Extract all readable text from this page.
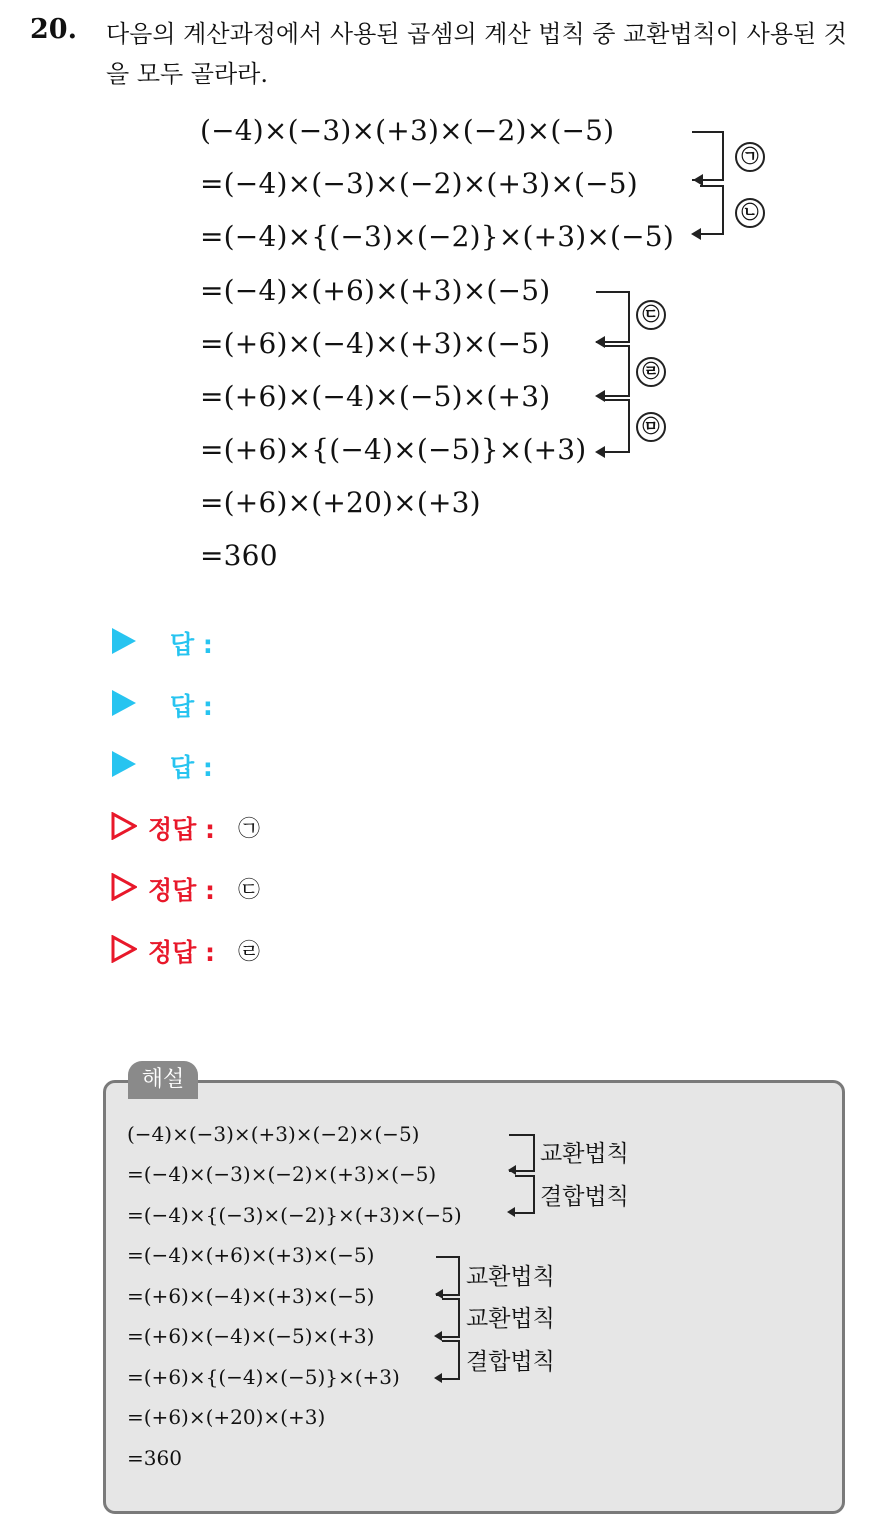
20. 다음의 계산과정에서 사용된 곱셈의 계산 법칙 중 교환법칙이 사용된 것을 모두 골라라.
(−4)×(−3)×(+3)×(−2)×(−5)
=(−4)×(−3)×(−2)×(+3)×(−5)
=(−4)×{(−3)×(−2)}×(+3)×(−5)
=(−4)×(+6)×(+3)×(−5)
=(+6)×(−4)×(+3)×(−5)
=(+6)×(−4)×(−5)×(+3)
=(+6)×{(−4)×(−5)}×(+3)
=(+6)×(+20)×(+3)
=360
㉠
㉡
㉢
㉣
㉤
답 :
답 :
답 :
정답 : ㉠
정답 : ㉢
정답 : ㉣
해설
(−4)×(−3)×(+3)×(−2)×(−5)
=(−4)×(−3)×(−2)×(+3)×(−5)
=(−4)×{(−3)×(−2)}×(+3)×(−5)
=(−4)×(+6)×(+3)×(−5)
=(+6)×(−4)×(+3)×(−5)
=(+6)×(−4)×(−5)×(+3)
=(+6)×{(−4)×(−5)}×(+3)
=(+6)×(+20)×(+3)
=360
교환법칙
결합법칙
교환법칙
교환법칙
결합법칙
